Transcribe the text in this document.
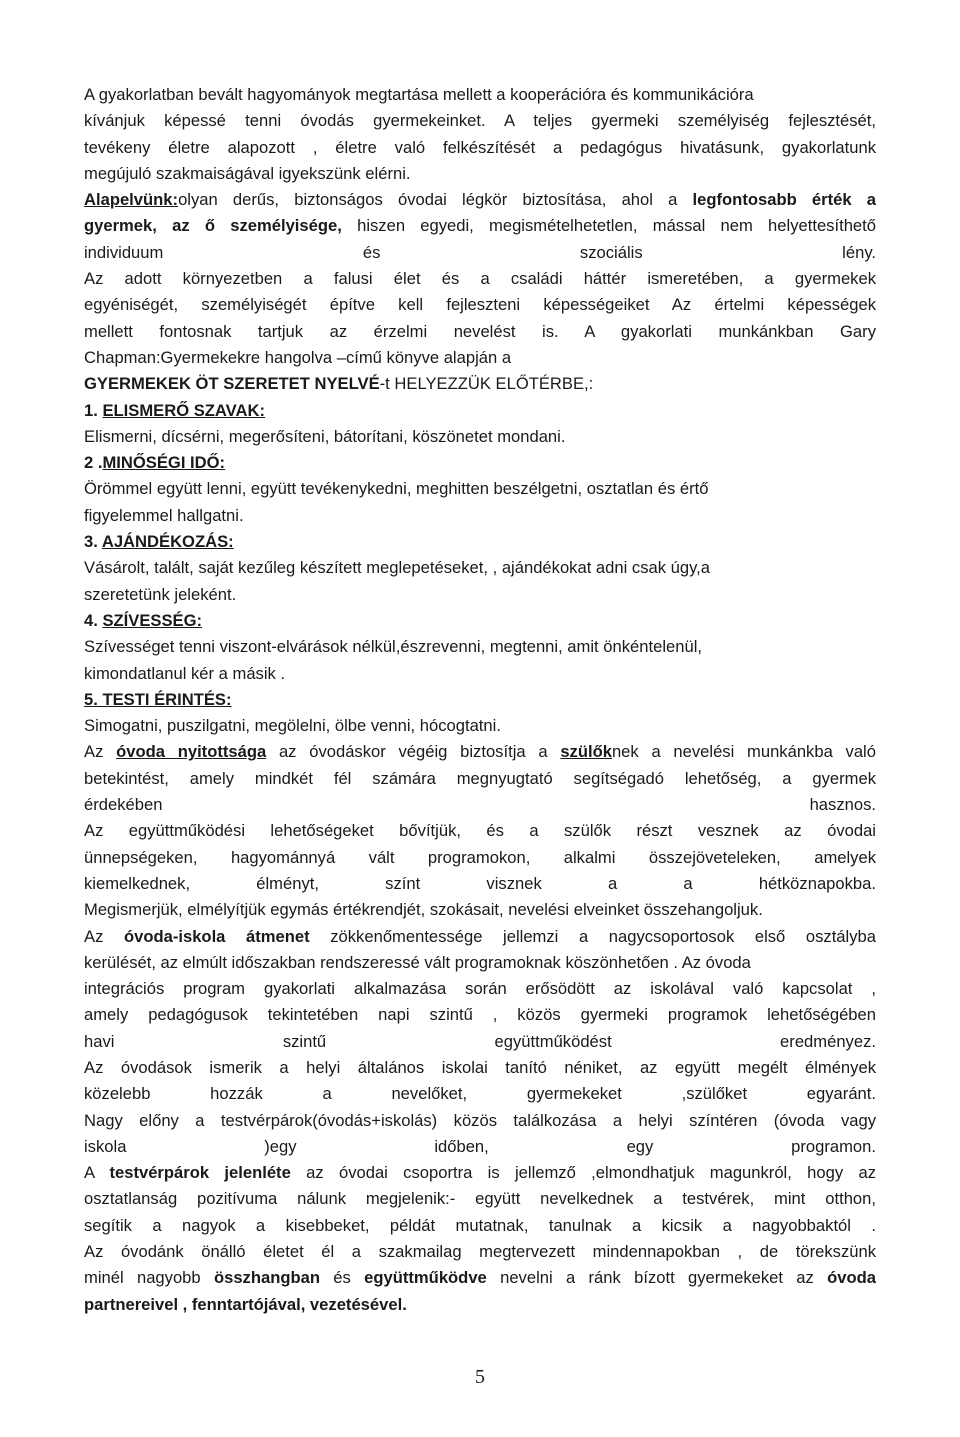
A gyakorlatban bevált hagyományok megtartása mellett a kooperációra és kommunikációra
kívánjuk képessé tenni óvodás gyermekeinket. A teljes gyermeki személyiség fejlesztését,
tevékeny életre alapozott , életre való felkészítését a pedagógus hivatásunk, gyakorlatunk
megújuló szakmaiságával igyekszünk elérni.
Alapelvünk:olyan derűs, biztonságos óvodai légkör biztosítása, ahol a legfontosabb érték a
gyermek, az ő személyisége, hiszen egyedi, megismételhetetlen, mással nem helyettesíthető
individuum és szociális lény.
Az adott környezetben a falusi élet és a családi háttér ismeretében, a gyermekek
egyéniségét, személyiségét építve kell fejleszteni képességeiket Az értelmi képességek
mellett fontosnak tartjuk az érzelmi nevelést is. A gyakorlati munkánkban Gary
Chapman:Gyermekekre hangolva –című könyve alapján a
GYERMEKEK ÖT SZERETET NYELVÉ-t HELYEZZÜK ELŐTÉRBE,:
1. ELISMERŐ SZAVAK:
Elismerni, dícsérni, megerősíteni, bátorítani, köszönetet mondani.
2 .MINŐSÉGI IDŐ:
Örömmel együtt lenni, együtt tevékenykedni, meghitten beszélgetni, osztatlan és értő
figyelemmel hallgatni.
3. AJÁNDÉKOZÁS:
Vásárolt, talált, saját kezűleg készített meglepetéseket, , ajándékokat adni csak úgy,a
szeretetünk jeleként.
4. SZÍVESSÉG:
Szívességet tenni viszont-elvárások nélkül,észrevenni, megtenni, amit önkéntelenül,
kimondatlanul kér a másik .
5. TESTI ÉRINTÉS:
Simogatni, puszilgatni, megölelni, ölbe venni, hócogtatni.
Az óvoda nyitottsága az óvodáskor végéig biztosítja a szülőknek a nevelési munkánkba való
betekintést, amely mindkét fél számára megnyugtató segítségadó lehetőség, a gyermek
érdekében hasznos.
Az együttműködési lehetőségeket bővítjük, és a szülők részt vesznek az óvodai
ünnepségeken, hagyománnyá vált programokon, alkalmi összejöveteleken, amelyek
kiemelkednek, élményt, színt visznek a a hétköznapokba.
Megismerjük, elmélyítjük egymás értékrendjét, szokásait, nevelési elveinket összehangoljuk.
Az óvoda-iskola átmenet zökkenőmentessége jellemzi a nagycsoportosok első osztályba
kerülését, az elmúlt időszakban rendszeressé vált programoknak köszönhetően . Az óvoda
integrációs program gyakorlati alkalmazása során erősödött az iskolával való kapcsolat ,
amely pedagógusok tekintetében napi szintű , közös gyermeki programok lehetőségében
havi szintű együttműködést eredményez.
Az óvodások ismerik a helyi általános iskolai tanító néniket, az együtt megélt élmények
közelebb hozzák a nevelőket, gyermekeket ,szülőket egyaránt.
Nagy előny a testvérpárok(óvodás+iskolás) közös találkozása a helyi színtéren (óvoda vagy
iskola )egy időben, egy programon.
A testvérpárok jelenléte az óvodai csoportra is jellemző ,elmondhatjuk magunkról, hogy az
osztatlanság pozitívuma nálunk megjelenik:- együtt nevelkednek a testvérek, mint otthon,
segítik a nagyok a kisebbeket, példát mutatnak, tanulnak a kicsik a nagyobbaktól .
Az óvodánk önálló életet él a szakmailag megtervezett mindennapokban , de törekszünk
minél nagyobb összhangban és együttműködve nevelni a ránk bízott gyermekeket az óvoda
partnereivel , fenntartójával, vezetésével.
5
